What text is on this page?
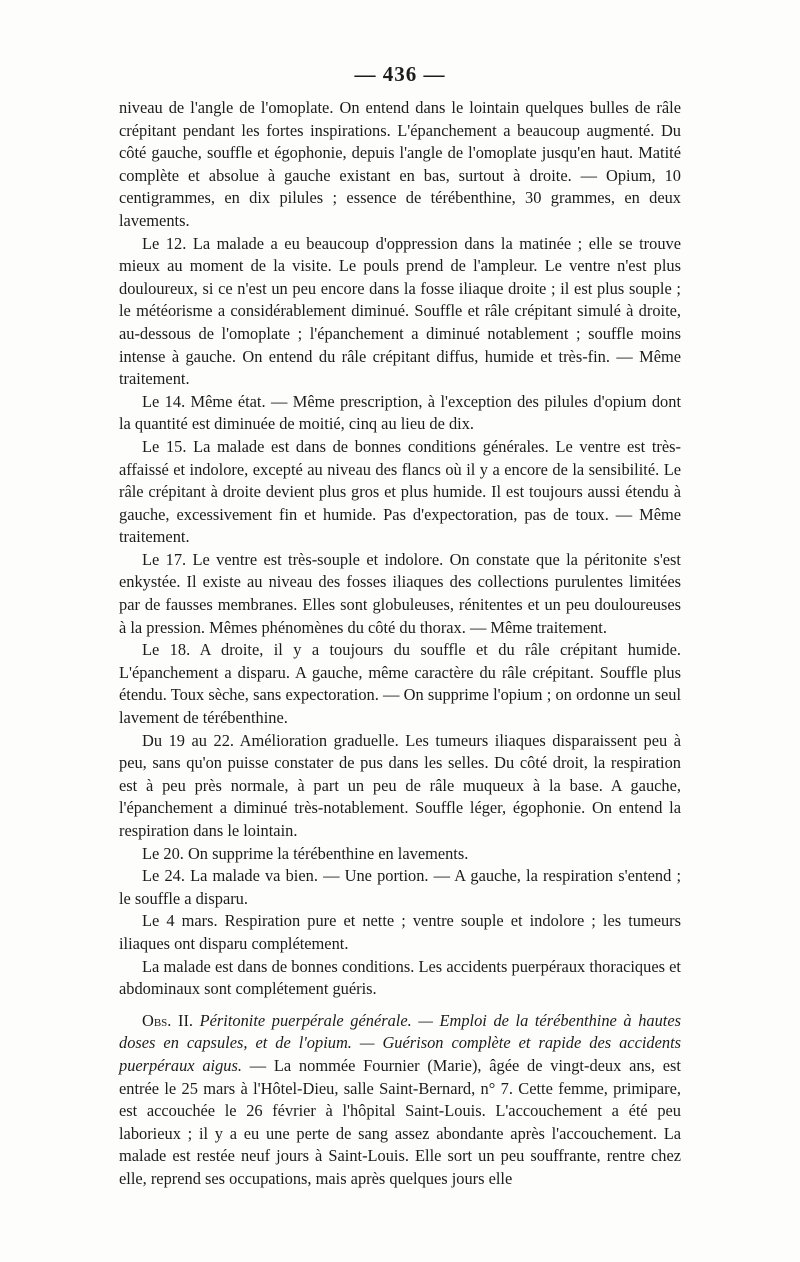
— 436 —

niveau de l'angle de l'omoplate. On entend dans le lointain quelques bulles de râle crépitant pendant les fortes inspirations. L'épanchement a beaucoup augmenté. Du côté gauche, souffle et égophonie, depuis l'angle de l'omoplate jusqu'en haut. Matité complète et absolue à gauche existant en bas, surtout à droite. — Opium, 10 centigrammes, en dix pilules ; essence de térébenthine, 30 grammes, en deux lavements.

Le 12. La malade a eu beaucoup d'oppression dans la matinée ; elle se trouve mieux au moment de la visite. Le pouls prend de l'ampleur. Le ventre n'est plus douloureux, si ce n'est un peu encore dans la fosse iliaque droite ; il est plus souple ; le météorisme a considérablement diminué. Souffle et râle crépitant simulé à droite, au-dessous de l'omoplate ; l'épanchement a diminué notablement ; souffle moins intense à gauche. On entend du râle crépitant diffus, humide et très-fin. — Même traitement.

Le 14. Même état. — Même prescription, à l'exception des pilules d'opium dont la quantité est diminuée de moitié, cinq au lieu de dix.

Le 15. La malade est dans de bonnes conditions générales. Le ventre est très-affaissé et indolore, excepté au niveau des flancs où il y a encore de la sensibilité. Le râle crépitant à droite devient plus gros et plus humide. Il est toujours aussi étendu à gauche, excessivement fin et humide. Pas d'expectoration, pas de toux. — Même traitement.

Le 17. Le ventre est très-souple et indolore. On constate que la péritonite s'est enkystée. Il existe au niveau des fosses iliaques des collections purulentes limitées par de fausses membranes. Elles sont globuleuses, rénitentes et un peu douloureuses à la pression. Mêmes phénomènes du côté du thorax. — Même traitement.

Le 18. A droite, il y a toujours du souffle et du râle crépitant humide. L'épanchement a disparu. A gauche, même caractère du râle crépitant. Souffle plus étendu. Toux sèche, sans expectoration. — On supprime l'opium ; on ordonne un seul lavement de térébenthine.

Du 19 au 22. Amélioration graduelle. Les tumeurs iliaques disparaissent peu à peu, sans qu'on puisse constater de pus dans les selles. Du côté droit, la respiration est à peu près normale, à part un peu de râle muqueux à la base. A gauche, l'épanchement a diminué très-notablement. Souffle léger, égophonie. On entend la respiration dans le lointain.

Le 20. On supprime la térébenthine en lavements.

Le 24. La malade va bien. — Une portion. — A gauche, la respiration s'entend ; le souffle a disparu.

Le 4 mars. Respiration pure et nette ; ventre souple et indolore ; les tumeurs iliaques ont disparu complétement.

La malade est dans de bonnes conditions. Les accidents puerpéraux thoraciques et abdominaux sont complétement guéris.

Obs. II. Péritonite puerpérale générale. — Emploi de la térébenthine à hautes doses en capsules, et de l'opium. — Guérison complète et rapide des accidents puerpéraux aigus. — La nommée Fournier (Marie), âgée de vingt-deux ans, est entrée le 25 mars à l'Hôtel-Dieu, salle Saint-Bernard, n° 7. Cette femme, primipare, est accouchée le 26 février à l'hôpital Saint-Louis. L'accouchement a été peu laborieux ; il y a eu une perte de sang assez abondante après l'accouchement. La malade est restée neuf jours à Saint-Louis. Elle sort un peu souffrante, rentre chez elle, reprend ses occupations, mais après quelques jours elle
